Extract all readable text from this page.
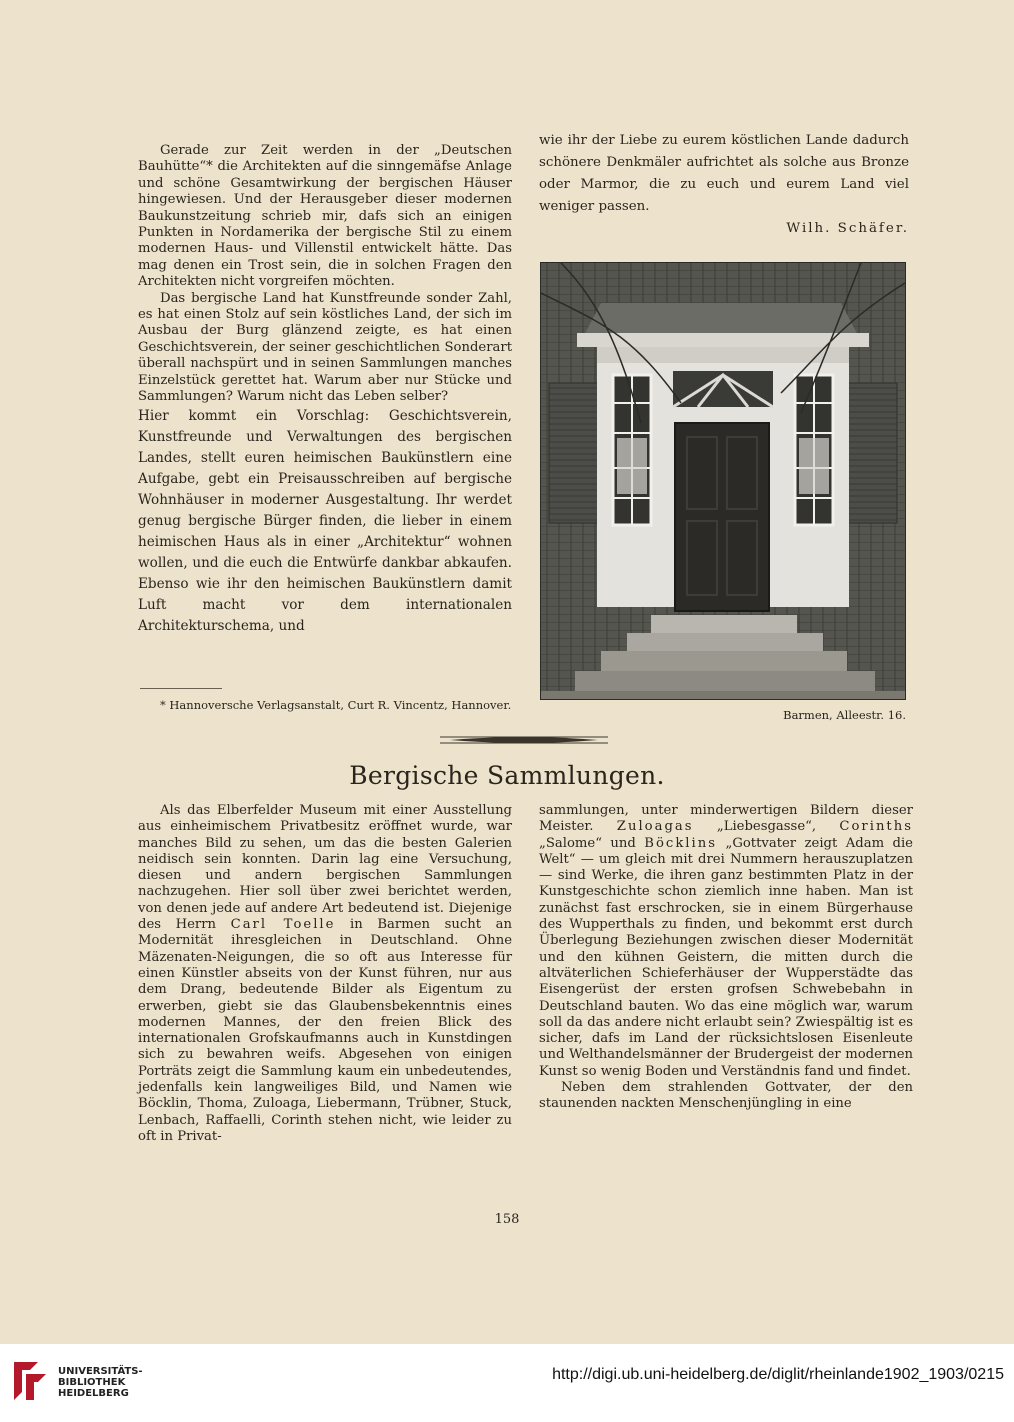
Gerade zur Zeit werden in der „Deutschen Bauhütte“* die Architekten auf die sinngemäfse Anlage und schöne Gesamtwirkung der bergischen Häuser hingewiesen. Und der Herausgeber dieser modernen Baukunstzeitung schrieb mir, dafs sich an einigen Punkten in Nordamerika der bergische Stil zu einem modernen Haus- und Villenstil entwickelt hätte. Das mag denen ein Trost sein, die in solchen Fragen den Architekten nicht vorgreifen möchten.

Das bergische Land hat Kunstfreunde sonder Zahl, es hat einen Stolz auf sein köstliches Land, der sich im Ausbau der Burg glänzend zeigte, es hat einen Geschichtsverein, der seiner geschichtlichen Sonderart überall nachspürt und in seinen Sammlungen manches Einzelstück gerettet hat. Warum aber nur Stücke und Sammlungen? Warum nicht das Leben selber?

Hier kommt ein Vorschlag: Geschichtsverein, Kunstfreunde und Verwaltungen des bergischen Landes, stellt euren heimischen Baukünstlern eine Aufgabe, gebt ein Preisausschreiben auf bergische Wohnhäuser in moderner Ausgestaltung. Ihr werdet genug bergische Bürger finden, die lieber in einem heimischen Haus als in einer „Architektur“ wohnen wollen, und die euch die Entwürfe dankbar abkaufen. Ebenso wie ihr den heimischen Baukünstlern damit Luft macht vor dem internationalen Architekturschema, und

wie ihr der Liebe zu eurem köstlichen Lande dadurch schönere Denkmäler aufrichtet als solche aus Bronze oder Marmor, die zu euch und eurem Land viel weniger passen.

Wilh. Schäfer.

* Hannoversche Verlagsanstalt, Curt R. Vincentz, Hannover.

Barmen, Alleestr. 16.
Bergische Sammlungen.

Als das Elberfelder Museum mit einer Ausstellung aus einheimischem Privatbesitz eröffnet wurde, war manches Bild zu sehen, um das die besten Galerien neidisch sein konnten. Darin lag eine Versuchung, diesen und andern bergischen Sammlungen nachzugehen. Hier soll über zwei berichtet werden, von denen jede auf andere Art bedeutend ist. Diejenige des Herrn Carl Toelle in Barmen sucht an Modernität ihresgleichen in Deutschland. Ohne Mäzenaten-Neigungen, die so oft aus Interesse für einen Künstler abseits von der Kunst führen, nur aus dem Drang, bedeutende Bilder als Eigentum zu erwerben, giebt sie das Glaubensbekenntnis eines modernen Mannes, der den freien Blick des internationalen Grofskaufmanns auch in Kunstdingen sich zu bewahren weifs. Abgesehen von einigen Porträts zeigt die Sammlung kaum ein unbedeutendes, jedenfalls kein langweiliges Bild, und Namen wie Böcklin, Thoma, Zuloaga, Liebermann, Trübner, Stuck, Lenbach, Raffaelli, Corinth stehen nicht, wie leider zu oft in Privat-

sammlungen, unter minderwertigen Bildern dieser Meister. Zuloagas „Liebesgasse“, Corinths „Salome“ und Böcklins „Gottvater zeigt Adam die Welt“ — um gleich mit drei Nummern herauszuplatzen — sind Werke, die ihren ganz bestimmten Platz in der Kunstgeschichte schon ziemlich inne haben. Man ist zunächst fast erschrocken, sie in einem Bürgerhause des Wupperthals zu finden, und bekommt erst durch Überlegung Beziehungen zwischen dieser Modernität und den kühnen Geistern, die mitten durch die altväterlichen Schieferhäuser der Wupperstädte das Eisengerüst der ersten grofsen Schwebebahn in Deutschland bauten. Wo das eine möglich war, warum soll da das andere nicht erlaubt sein? Zwiespältig ist es sicher, dafs im Land der rücksichtslosen Eisenleute und Welthandelsmänner der Brudergeist der modernen Kunst so wenig Boden und Verständnis fand und findet.

Neben dem strahlenden Gottvater, der den staunenden nackten Menschenjüngling in eine

158
UNIVERSITÄTS-
BIBLIOTHEK
HEIDELBERG
http://digi.ub.uni-heidelberg.de/diglit/rheinlande1902_1903/0215
